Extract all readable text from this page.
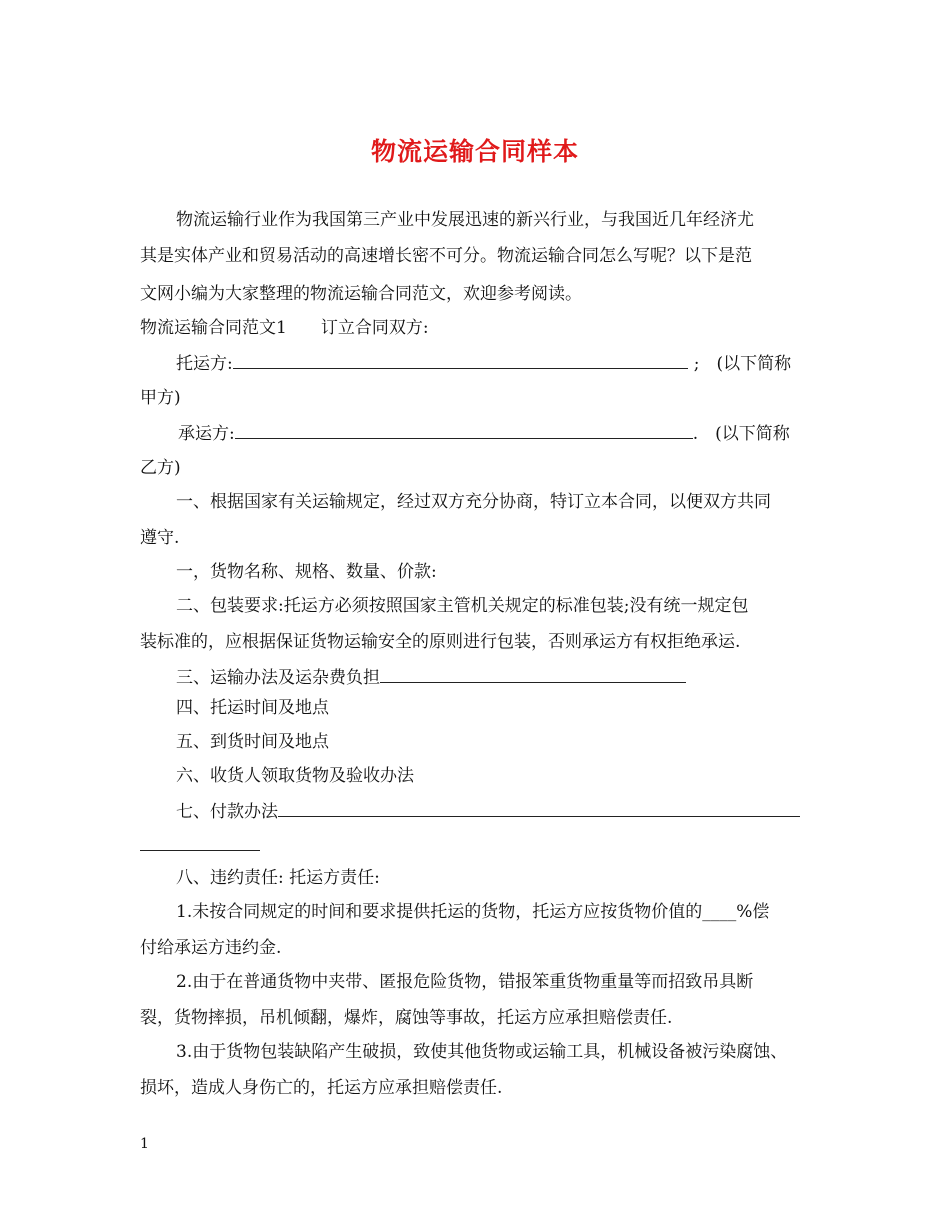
物流运输合同样本
物流运输行业作为我国第三产业中发展迅速的新兴行业，与我国近几年经济尤
其是实体产业和贸易活动的高速增长密不可分。物流运输合同怎么写呢？以下是范
文网小编为大家整理的物流运输合同范文，欢迎参考阅读。
物流运输合同范文1　　订立合同双方:
托运方:	;　(以下简称
甲方)
承运方:	.　(以下简称
乙方)
一、根据国家有关运输规定，经过双方充分协商，特订立本合同，以便双方共同
遵守.
一，货物名称、规格、数量、价款:
二、包装要求:托运方必须按照国家主管机关规定的标准包装;没有统一规定包
装标准的，应根据保证货物运输安全的原则进行包装，否则承运方有权拒绝承运.
三、运输办法及运杂费负担
四、托运时间及地点
五、到货时间及地点
六、收货人领取货物及验收办法
七、付款办法
八、违约责任: 托运方责任:
1.未按合同规定的时间和要求提供托运的货物，托运方应按货物价值的____%偿
付给承运方违约金.
2.由于在普通货物中夹带、匿报危险货物，错报笨重货物重量等而招致吊具断
裂，货物摔损，吊机倾翻，爆炸，腐蚀等事故，托运方应承担赔偿责任.
3.由于货物包装缺陷产生破损，致使其他货物或运输工具，机械设备被污染腐蚀、
损坏，造成人身伤亡的，托运方应承担赔偿责任.
1
